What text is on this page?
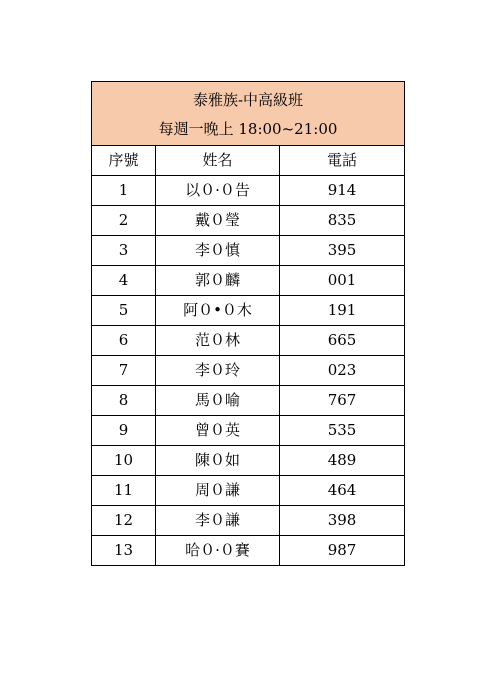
泰雅族-中高級班		
每週一晚上 18:00~21:00		
序號	姓名	電話
1	以０·０告	914
2	戴０瑩	835
3	李０慎	395
4	郭０麟	001
5	阿０•０木	191
6	范０林	665
7	李０玲	023
8	馬０喻	767
9	曾０英	535
10	陳０如	489
11	周０謙	464
12	李０謙	398
13	哈０·０賽	987
